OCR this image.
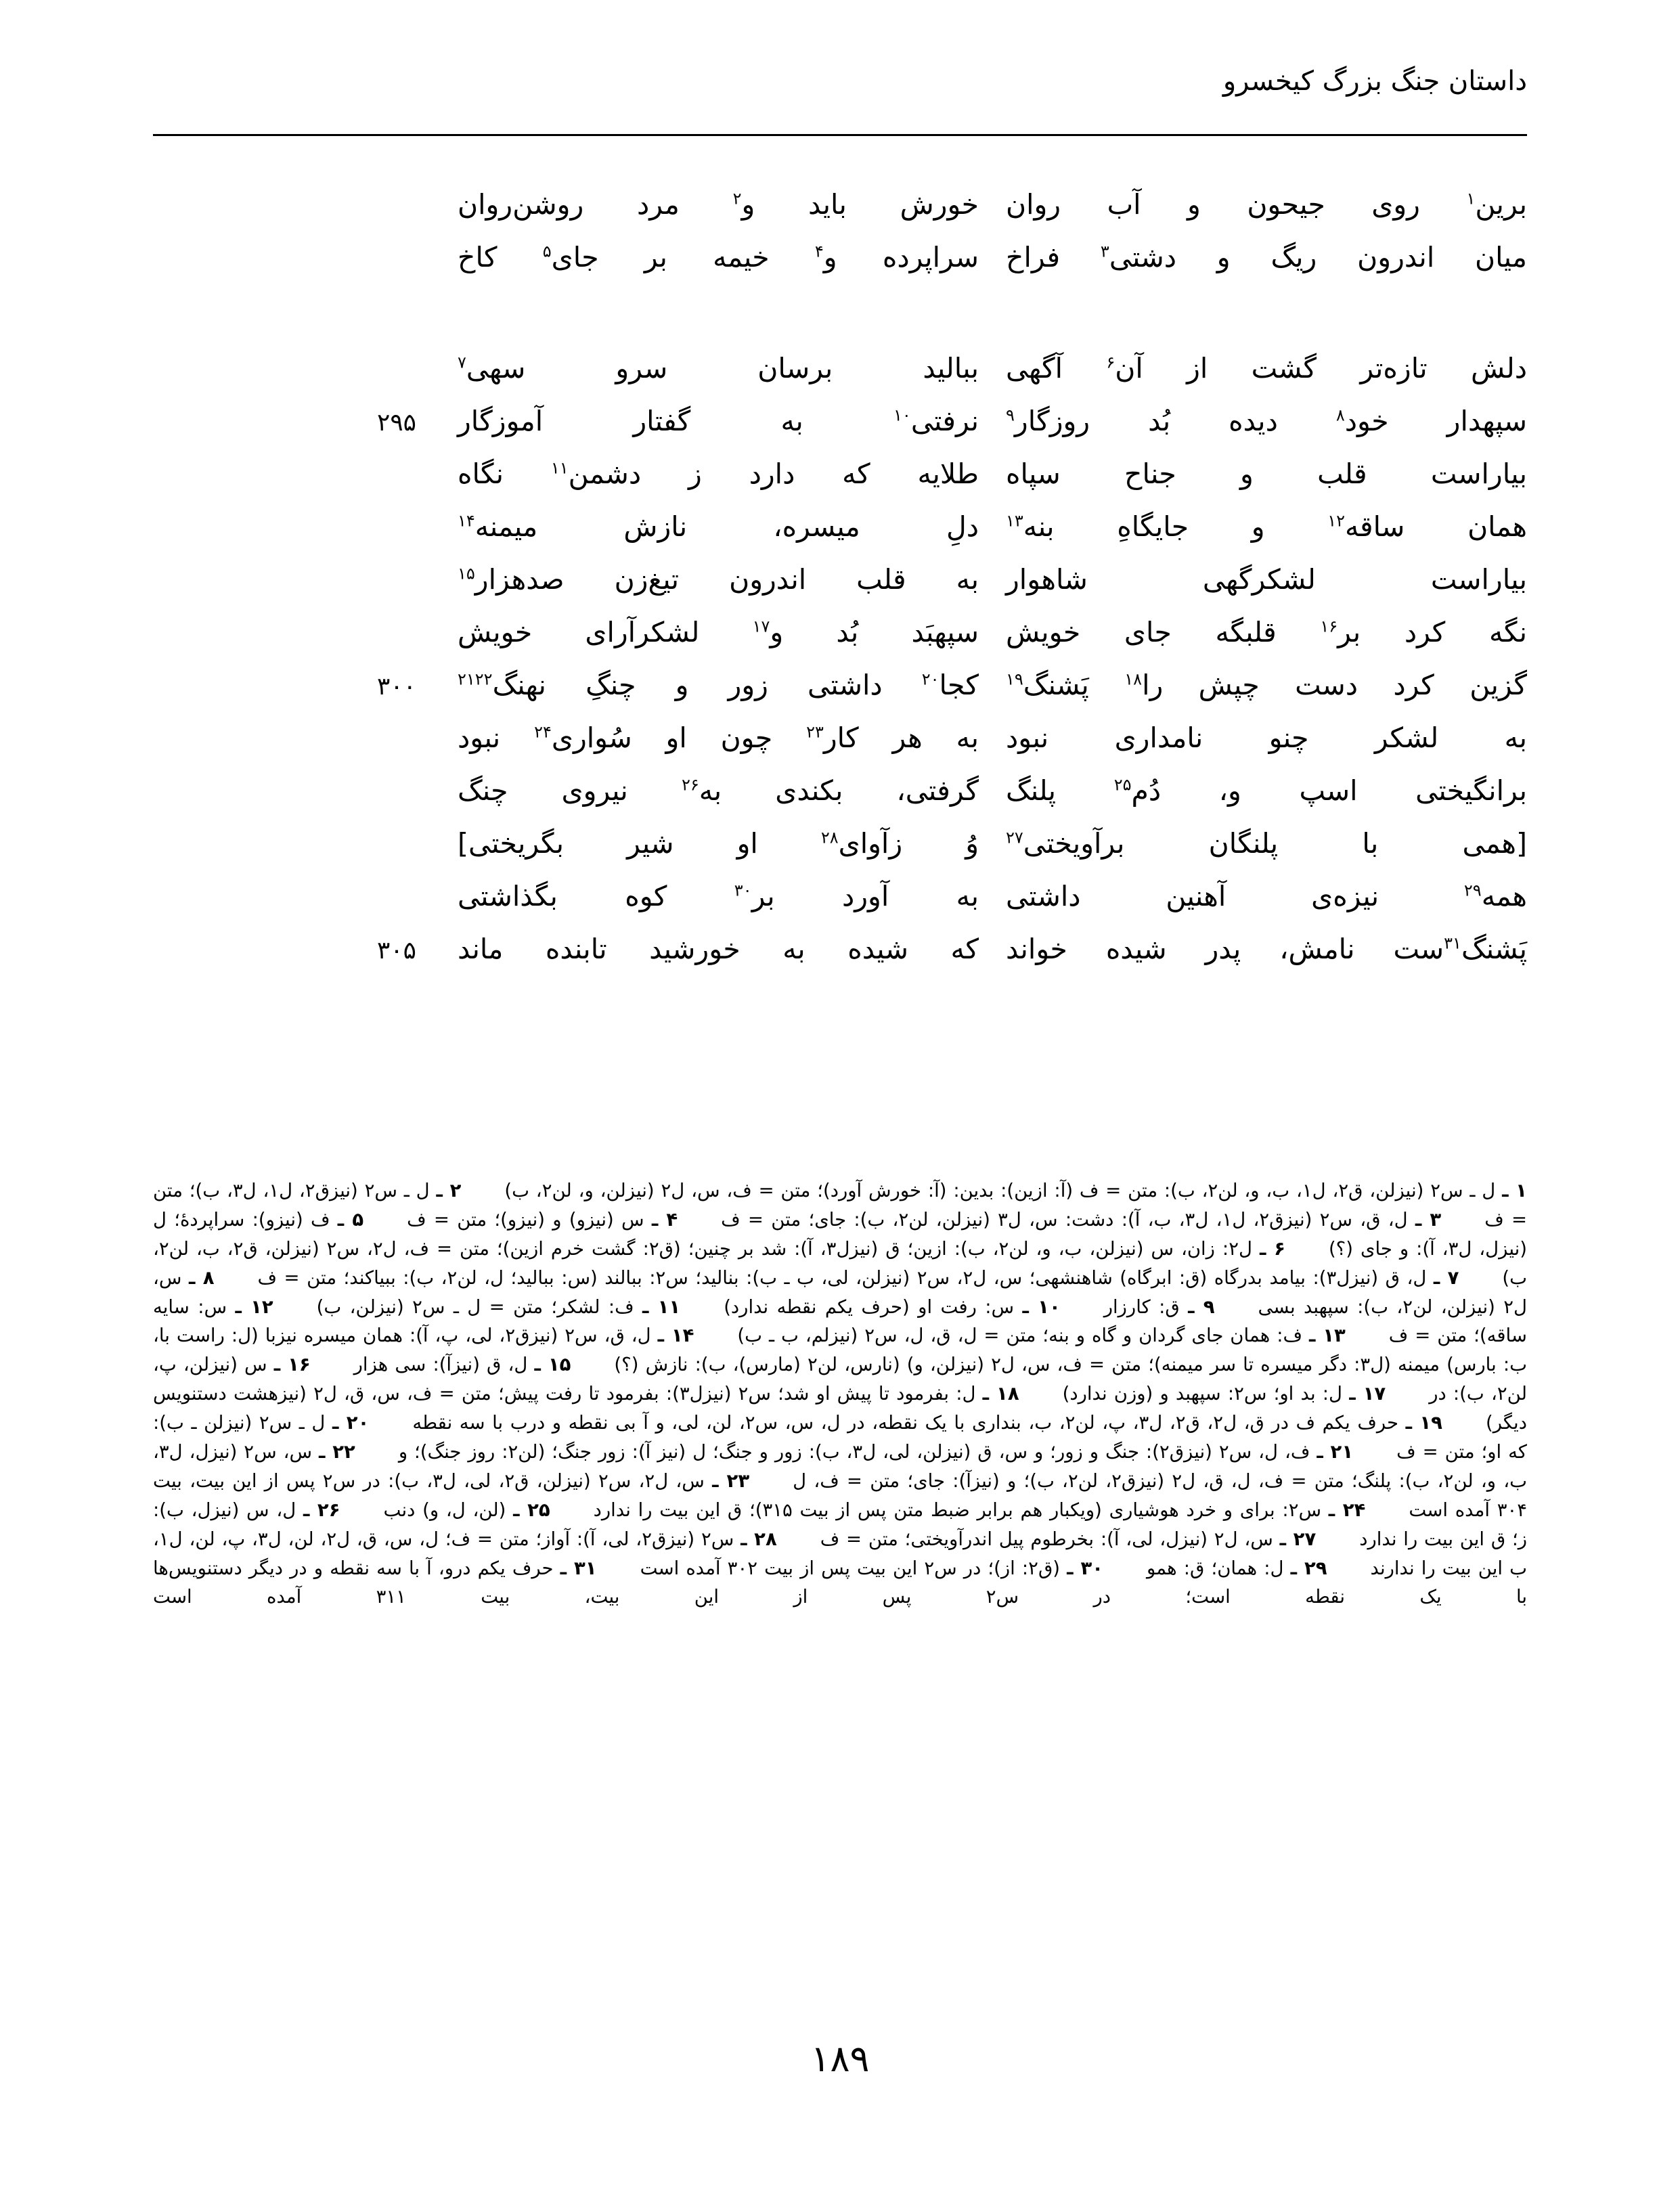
داستان جنگ بزرگ کیخسرو
برین$^۱$ روی جیحون و آب روان
خورش باید و$^۲$ مرد روشن‌روان
میان اندرون ریگ و دشتی$^۳$ فراخ
سراپرده و$^۴$ خیمه بر جای$^۵$ کاخ
دلش تازه‌تر گشت از آن$^۶$ آگهی
ببالید برسان سرو سهی$^۷$
سپهدار خود$^۸$ دیده بُد روزگار$^۹$
نرفتی$^{۱۰}$ به گفتار آموزگار
۲۹۵
بیاراست قلب و جناح سپاه
طلایه که دارد ز دشمن$^{۱۱}$ نگاه
همان ساقه$^{۱۲}$ و جایگاهِ بنه$^{۱۳}$
دلِ میسره، نازش میمنه$^{۱۴}$
بیاراست لشکرگهی شاهوار
به قلب اندرون تیغ‌زن صدهزار$^{۱۵}$
نگه کرد بر$^{۱۶}$ قلبگه جای خویش
سپهبَد بُد و$^{۱۷}$ لشکرآرای خویش
گزین کرد دست چپش را$^{۱۸}$ پَشنگ$^{۱۹}$
کجا$^{۲۰}$ داشتی زور و چنگِ نهنگ$^{۲۱۲۲}$
۳۰۰
به لشکر چنو نامداری نبود
به هر کار$^{۲۳}$ چون او سُواری$^{۲۴}$ نبود
برانگیختی اسپ و، دُم$^{۲۵}$ پلنگ
گرفتی، بکندی به$^{۲۶}$ نیروی چنگ
[همی با پلنگان برآویختی$^{۲۷}$
وُ زآوای$^{۲۸}$ او شیر بگریختی]
همه$^{۲۹}$ نیزه‌ی آهنین داشتی
به آورد بر$^{۳۰}$ کوه بگذاشتی
پَشنگ$^{۳۱}$ست نامش، پدر شیده خواند
که شیده به خورشید تابنده ماند
۳۰۵
۱ ـ ل ـ س۲ (نیزلن، ق۲، ل۱، ب، و، لن۲، ب): متن = ف (آ: ازین): بدین: (آ: خورش آورد)؛ متن = ف، س، ل۲ (نیزلن، و، لن۲، ب) ۲ ـ ل ـ س۲ (نیزق۲، ل۱، ل۳، ب)؛ متن = ف ۳ ـ ل، ق، س۲ (نیزق۲، ل۱، ل۳، ب، آ): دشت: س، ل۳ (نیزلن، لن۲، ب): جای؛ متن = ف ۴ ـ س (نیزو) و (نیزو)؛ متن = ف ۵ ـ ف (نیزو): سراپردهٔ؛ ل (نیزل، ل۳، آ): و جای (؟) ۶ ـ ل۲: زان، س (نیزلن، ب، و، لن۲، ب): ازین؛ ق (نیزل۳، آ): شد بر چنین؛ (ق۲: گشت خرم ازین)؛ متن = ف، ل۲، س۲ (نیزلن، ق۲، ب، لن۲، ب) ۷ ـ ل، ق (نیزل۳): بیامد بدرگاه (ق: ابرگاه) شاهنشهی؛ س، ل۲، س۲ (نیزلن، لی، ب ـ ب): بنالید؛ س۲: ببالند (س: ببالید؛ ل، لن۲، ب): ببیاکند؛ متن = ف ۸ ـ س، ل۲ (نیزلن، لن۲، ب): سپهبد بسی ۹ ـ ق: کارزار ۱۰ ـ س: رفت او (حرف یکم نقطه ندارد) ۱۱ ـ ف: لشکر؛ متن = ل ـ س۲ (نیزلن، ب) ۱۲ ـ س: سایه ساقه)؛ متن = ف ۱۳ ـ ف: همان جای گردان و گاه و بنه؛ متن = ل، ق، ل، س۲ (نیزلم، ب ـ ب) ۱۴ ـ ل، ق، س۲ (نیزق۲، لی، پ، آ): همان میسره نیزبا (ل: راست با، ب: بارس) میمنه (ل۳: دگر میسره تا سر میمنه)؛ متن = ف، س، ل۲ (نیزلن، و) (نارس، لن۲ (مارس)، ب): نازش (؟) ۱۵ ـ ل، ق (نیزآ): سی هزار ۱۶ ـ س (نیزلن، پ، لن۲، ب): در ۱۷ ـ ل: بد او؛ س۲: سپهبد و (وزن ندارد) ۱۸ ـ ل: بفرمود تا پیش او شد؛ س۲ (نیزل۳): بفرمود تا رفت پیش؛ متن = ف، س، ق، ل۲ (نیزهشت دستنویس دیگر) ۱۹ ـ حرف یکم ف در ق، ل۲، ق۲، ل۳، پ، لن۲، ب، بنداری با یک نقطه، در ل، س، س۲، لن، لی، و آ بی نقطه و درب با سه نقطه ۲۰ ـ ل ـ س۲ (نیزلن ـ ب): که او؛ متن = ف ۲۱ ـ ف، ل، س۲ (نیزق۲): جنگ و زور؛ و س، ق (نیزلن، لی، ل۳، ب): زور و جنگ؛ ل (نیز آ): زور جنگ؛ (لن۲: روز جنگ)؛ و ۲۲ ـ س، س۲ (نیزل، ل۳، ب، و، لن۲، ب): پلنگ؛ متن = ف، ل، ق، ل۲ (نیزق۲، لن۲، ب)؛ و (نیزآ): جای؛ متن = ف، ل ۲۳ ـ س، ل۲، س۲ (نیزلن، ق۲، لی، ل۳، ب): در س۲ پس از این بیت، بیت ۳۰۴ آمده است ۲۴ ـ س۲: برای و خرد هوشیاری (ویکبار هم برابر ضبط متن پس از بیت ۳۱۵)؛ ق این بیت را ندارد ۲۵ ـ (لن، ل، و) دنب ۲۶ ـ ل، س (نیزل، ب): ز؛ ق این بیت را ندارد ۲۷ ـ س، ل۲ (نیزل، لی، آ): بخرطوم پیل اندرآویختی؛ متن = ف ۲۸ ـ س۲ (نیزق۲، لی، آ): آواز؛ متن = ف؛ ل، س، ق، ل۲، لن، ل۳، پ، لن، ل۱، ب این بیت را ندارند ۲۹ ـ ل: همان؛ ق: همو ۳۰ ـ (ق۲: از)؛ در س۲ این بیت پس از بیت ۳۰۲ آمده است ۳۱ ـ حرف یکم درو، آ با سه نقطه و در دیگر دستنویس‌ها با یک نقطه است؛ در س۲ پس از این بیت، بیت ۳۱۱ آمده است
۱۸۹
